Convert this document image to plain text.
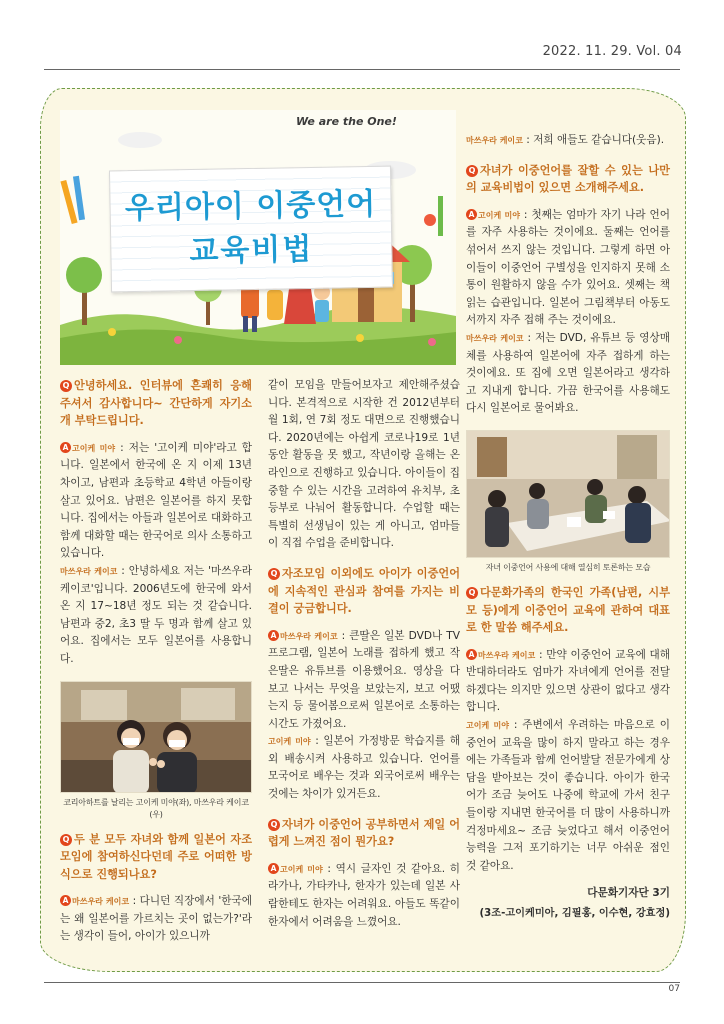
2022. 11. 29. Vol. 04
We are the One!
우리아이 이중언어
교육비법
Q 안녕하세요. 인터뷰에 흔쾌히 응해 주셔서 감사합니다~ 간단하게 자기소개 부탁드립니다.
A 고이케 미야 : 저는 '고이케 미야'라고 합니다. 일본에서 한국에 온 지 이제 13년 차이고, 남편과 초등학교 4학년 아들이랑 살고 있어요. 남편은 일본어를 하지 못합니다. 집에서는 아들과 일본어로 대화하고 함께 대화할 때는 한국어로 의사 소통하고 있습니다.
마쓰우라 케이코 : 안녕하세요 저는 '마쓰우라 케이코'입니다. 2006년도에 한국에 와서 온 지 17~18년 정도 되는 것 같습니다. 남편과 중2, 초3 딸 두 명과 함께 살고 있어요. 집에서는 모두 일본어를 사용합니다.
코리아하트를 날리는 고이케 미야(좌), 마쓰우라 케이코(우)
Q 두 분 모두 자녀와 함께 일본어 자조모임에 참여하신다던데 주로 어떠한 방식으로 진행되나요?
A 마쓰우라 케이코 : 다니던 직장에서 '한국에는 왜 일본어를 가르치는 곳이 없는가?'라는 생각이 들어, 아이가 있으니까
같이 모임을 만들어보자고 제안해주셨습니다. 본격적으로 시작한 건 2012년부터 월 1회, 연 7회 정도 대면으로 진행했습니다. 2020년에는 아쉽게 코로나19로 1년 동안 활동을 못 했고, 작년이랑 올해는 온라인으로 진행하고 있습니다. 아이들이 집중할 수 있는 시간을 고려하여 유치부, 초등부로 나눠어 활동합니다. 수업할 때는 특별히 선생님이 있는 게 아니고, 엄마들이 직접 수업을 준비합니다.
Q 자조모임 이외에도 아이가 이중언어에 지속적인 관심과 참여를 가지는 비결이 궁금합니다.
A 마쓰우라 케이코 : 큰딸은 일본 DVD나 TV 프로그램, 일본어 노래를 접하게 했고 작은딸은 유튜브를 이용했어요. 영상을 다 보고 나서는 무엇을 보았는지, 보고 어땠는지 등 물어봄으로써 일본어로 소통하는 시간도 가졌어요.
고이케 미야 : 일본어 가정방문 학습지를 해외 배송시켜 사용하고 있습니다. 언어를 모국어로 배우는 것과 외국어로써 배우는 것에는 차이가 있거든요.
Q 자녀가 이중언어 공부하면서 제일 어렵게 느껴진 점이 뭔가요?
A 고이케 미야 : 역시 글자인 것 같아요. 히라가나, 가타카나, 한자가 있는데 일본 사람한테도 한자는 어려워요. 아들도 똑같이 한자에서 어려움을 느꼈어요.
마쓰우라 케이코 : 저희 애들도 같습니다(웃음).
Q 자녀가 이중언어를 잘할 수 있는 나만의 교육비법이 있으면 소개해주세요.
A 고이케 미야 : 첫째는 엄마가 자기 나라 언어를 자주 사용하는 것이에요. 둘째는 언어를 섞어서 쓰지 않는 것입니다. 그렇게 하면 아이들이 이중언어 구별성을 인지하지 못해 소통이 원활하지 않을 수가 있어요. 셋째는 책 읽는 습관입니다. 일본어 그림책부터 아동도서까지 자주 접해 주는 것이에요.
마쓰우라 케이코 : 저는 DVD, 유튜브 등 영상매체를 사용하여 일본어에 자주 접하게 하는 것이에요. 또 집에 오면 일본어라고 생각하고 지내게 합니다. 가끔 한국어를 사용해도 다시 일본어로 물어봐요.
자녀 이중언어 사용에 대해 열심히 토론하는 모습
Q 다문화가족의 한국인 가족(남편, 시부모 등)에게 이중언어 교육에 관하여 대표로 한 말씀 해주세요.
A 마쓰우라 케이코 : 만약 이중언어 교육에 대해 반대하더라도 엄마가 자녀에게 언어를 전달하겠다는 의지만 있으면 상관이 없다고 생각합니다.
고이케 미야 : 주변에서 우려하는 마음으로 이중언어 교육을 많이 하지 말라고 하는 경우에는 가족들과 함께 언어발달 전문가에게 상담을 받아보는 것이 좋습니다. 아이가 한국어가 조금 늦어도 나중에 학교에 가서 친구들이랑 지내면 한국어를 더 많이 사용하니까 걱정마세요~ 조금 늦었다고 해서 이중언어 능력을 그저 포기하기는 너무 아쉬운 점인 것 같아요.
다문화기자단 3기
(3조-고이케미아, 김필홍, 이수현, 강효정)
07
